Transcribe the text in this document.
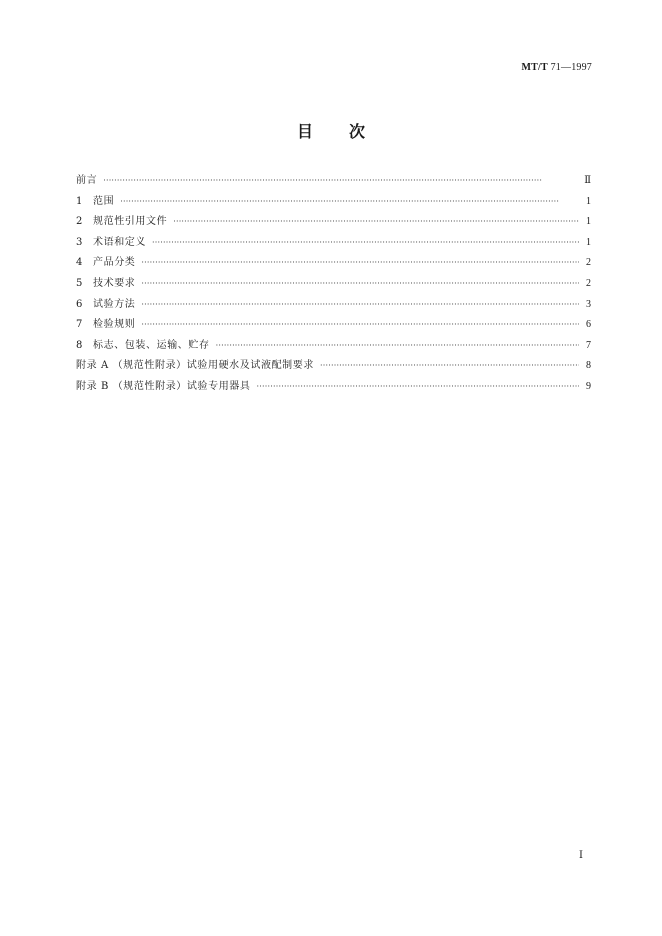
MT/T 71—1997
目次
前言 ·····	Ⅱ
1	范围 ·····	1
2	规范性引用文件 ·····	1
3	术语和定义 ·····	1
4	产品分类 ·····	2
5	技术要求 ·····	2
6	试验方法 ·····	3
7	检验规则 ·····	6
8	标志、包装、运输、贮存 ·····	7
附录 A （规范性附录）试验用硬水及试液配制要求 ·····	8
附录 B （规范性附录）试验专用器具 ·····	9
Ⅰ
